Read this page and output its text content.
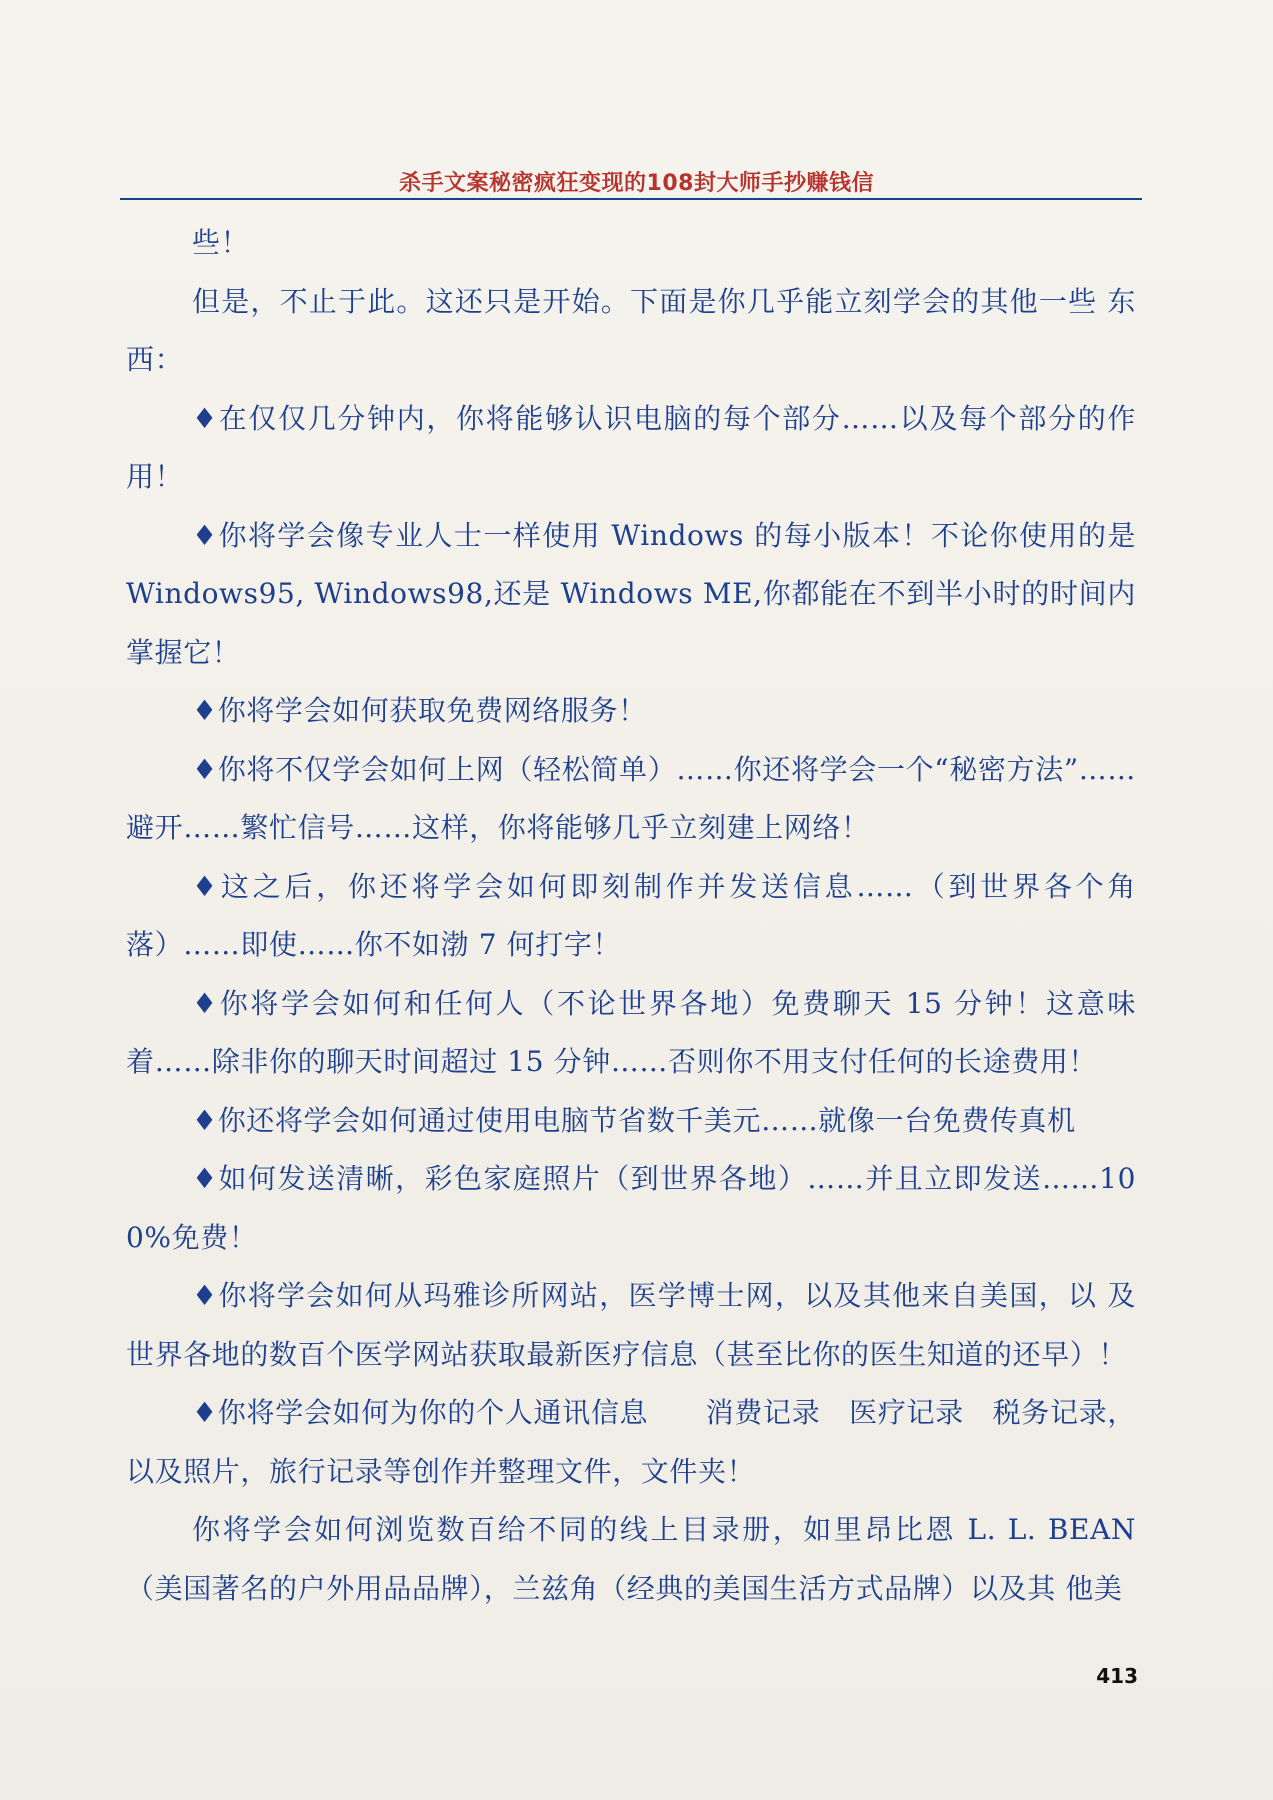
杀手文案秘密疯狂变现的108封大师手抄赚钱信

些！

但是，不止于此。这还只是开始。下面是你几乎能立刻学会的其他一些 东西：

♦在仅仅几分钟内，你将能够认识电脑的每个部分……以及每个部分的作用！

♦你将学会像专业人士一样使用 Windows 的每小版本！不论你使用的是 Windows95, Windows98,还是 Windows ME,你都能在不到半小时的时间内掌握它！

♦你将学会如何获取免费网络服务！

♦你将不仅学会如何上网（轻松简单）……你还将学会一个“秘密方法”……避开……繁忙信号……这样，你将能够几乎立刻建上网络！

♦这之后，你还将学会如何即刻制作并发送信息……（到世界各个角落）……即使……你不如渤 7 何打字！

♦你将学会如何和任何人（不论世界各地）免费聊天 15 分钟！这意味着……除非你的聊天时间超过 15 分钟……否则你不用支付任何的长途费用！

♦你还将学会如何通过使用电脑节省数千美元……就像一台免费传真机

♦如何发送清晰，彩色家庭照片（到世界各地）……并且立即发送……100%免费！

♦你将学会如何从玛雅诊所网站，医学博士网，以及其他来自美国，以 及世界各地的数百个医学网站获取最新医疗信息（甚至比你的医生知道的还早）！

♦你将学会如何为你的个人通讯信息　　消费记录　医疗记录　税务记录，以及照片，旅行记录等创作并整理文件，文件夹！

你将学会如何浏览数百给不同的线上目录册，如里昂比恩 L. L. BEAN（美国著名的户外用品品牌），兰兹角（经典的美国生活方式品牌）以及其 他美

413
